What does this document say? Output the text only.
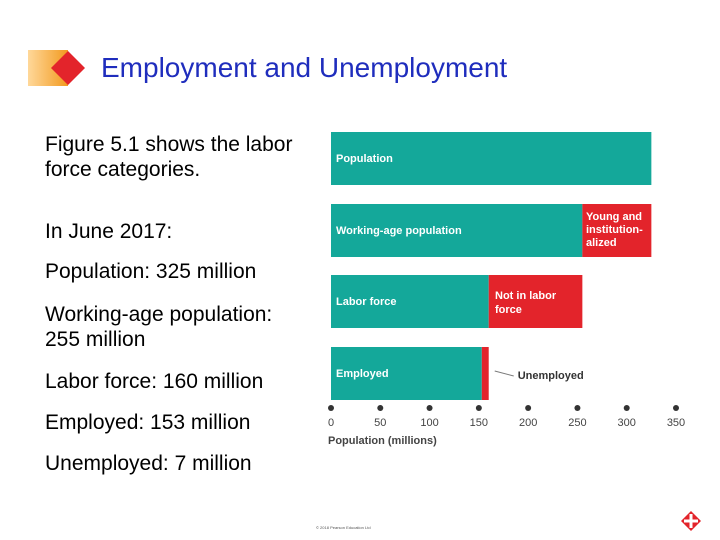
Employment and Unemployment
Figure 5.1 shows the labor force categories.
In June 2017:
Population: 325 million
Working-age population: 255 million
Labor force: 160 million
Employed: 153 million
Unemployed: 7 million
Population
Working-age population
Labor force
Employed
Young and institution-alized
Not in labor force
Unemployed
0	50	100	150	200	250	300	350
Population (millions)
© 2018 Pearson Education Ltd
